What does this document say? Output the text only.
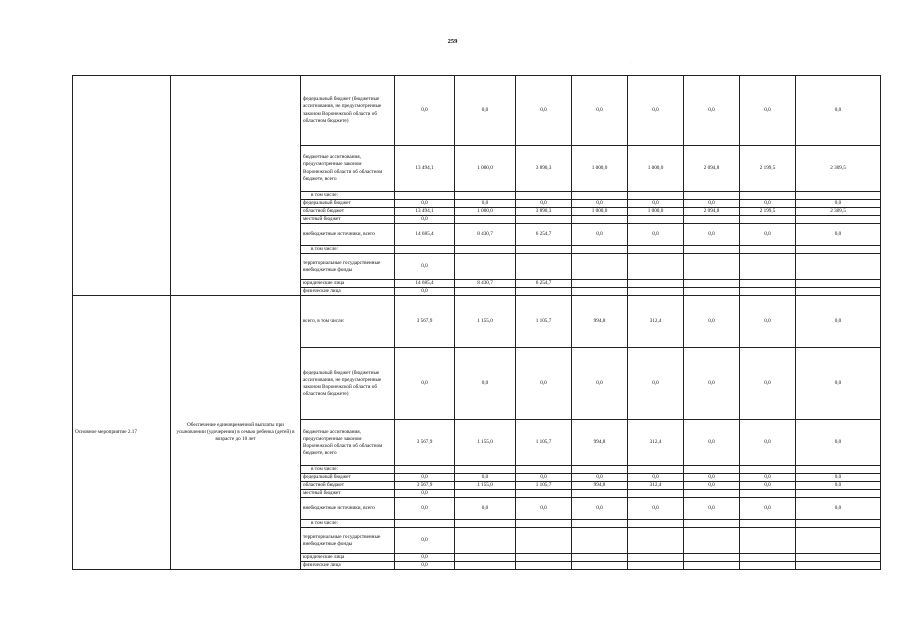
259
·
		федеральный бюджет (бюджетные ассигнования, не предусмотренные законом Воронежской области об областном бюджете)	0,0	0,0	0,0	0,0	0,0	0,0	0,0	0,0
		бюджетные ассигнования, предусмотренные законом Воронежской области об областном бюджете, всего	13 494,1	1 000,0	3 890,3	1 000,0	1 000,0	2 094,8	2 199,5	2 309,5
		в том числе:								
		федеральный бюджет	0,0	0,0	0,0	0,0	0,0	0,0	0,0	0,0
		областной бюджет	13 494,1	1 000,0	3 890,3	1 000,0	1 000,0	2 094,8	2 199,5	2 309,5
		местный бюджет	0,0							
		внебюджетные источники, всего	14 685,4	8 430,7	6 254,7	0,0	0,0	0,0	0,0	0,0
		в том числе:								
		территориальные государственные внебюджетные фонды	0,0							
		юридические лица	14 685,4	8 430,7	6 254,7					
		физические лица	0,0							
Основное мероприятие 2.17	Обеспечение единовременной выплаты при усыновлении (удочерении) в семью ребенка (детей) в возрасте до 10 лет	всего, в том числе:	3 567,9	1 155,0	1 105,7	994,8	312,4	0,0	0,0	0,0
		федеральный бюджет (бюджетные ассигнования, не предусмотренные законом Воронежской области об областном бюджете)	0,0	0,0	0,0	0,0	0,0	0,0	0,0	0,0
		бюджетные ассигнования, предусмотренные законом Воронежской области об областном бюджете, всего	3 567,9	1 155,0	1 105,7	994,8	312,4	0,0	0,0	0,0
		в том числе:								
		федеральный бюджет	0,0	0,0	0,0	0,0	0,0	0,0	0,0	0,0
		областной бюджет	3 567,9	1 155,0	1 105,7	994,8	312,4	0,0	0,0	0,0
		местный бюджет	0,0							
		внебюджетные источники, всего	0,0	0,0	0,0	0,0	0,0	0,0	0,0	0,0
		в том числе:								
		территориальные государственные внебюджетные фонды	0,0							
		юридические лица	0,0							
		физические лица	0,0							
